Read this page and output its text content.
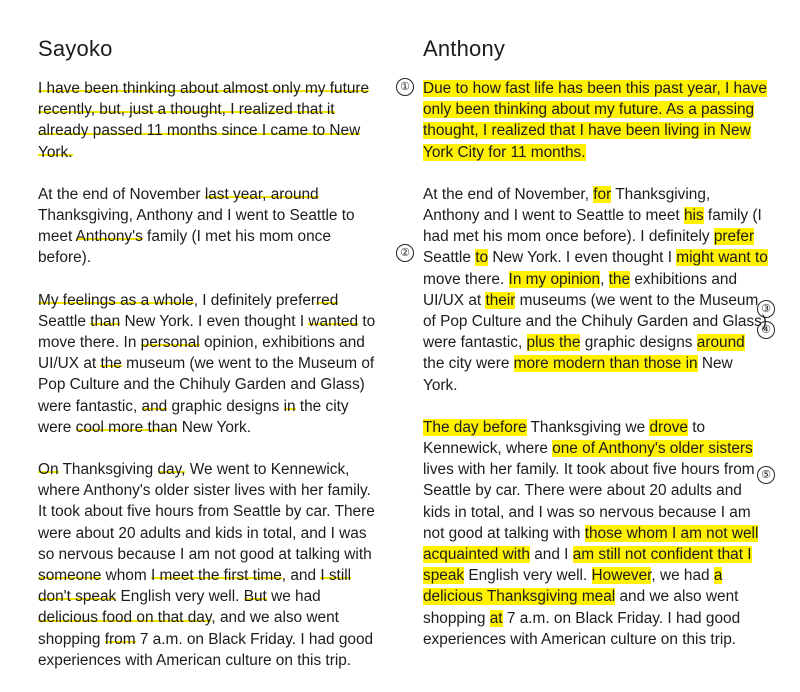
Sayoko
I have been thinking about almost only my future recently, but, just a thought, I realized that it already passed 11 months since I came to New York.
At the end of November last year, around Thanksgiving, Anthony and I went to Seattle to meet Anthony's family (I met his mom once before).
My feelings as a whole, I definitely preferred Seattle than New York. I even thought I wanted to move there. In personal opinion, exhibitions and UI/UX at the museum (we went to the Museum of Pop Culture and the Chihuly Garden and Glass) were fantastic, and graphic designs in the city were cool more than New York.
On Thanksgiving day, We went to Kennewick, where Anthony's older sister lives with her family. It took about five hours from Seattle by car. There were about 20 adults and kids in total, and I was so nervous because I am not good at talking with someone whom I meet the first time, and I still don't speak English very well. But we had delicious food on that day, and we also went shopping from 7 a.m. on Black Friday. I had good experiences with American culture on this trip.
Anthony
Due to how fast life has been this past year, I have only been thinking about my future. As a passing thought, I realized that I have been living in New York City for 11 months.
At the end of November, for Thanksgiving, Anthony and I went to Seattle to meet his family (I had met his mom once before). I definitely prefer Seattle to New York. I even thought I might want to move there. In my opinion, the exhibitions and UI/UX at their museums (we went to the Museum of Pop Culture and the Chihuly Garden and Glass) were fantastic, plus the graphic designs around the city were more modern than those in New York.
The day before Thanksgiving we drove to Kennewick, where one of Anthony's older sisters lives with her family. It took about five hours from Seattle by car. There were about 20 adults and kids in total, and I was so nervous because I am not good at talking with those whom I am not well acquainted with and I am still not confident that I speak English very well. However, we had a delicious Thanksgiving meal and we also went shopping at 7 a.m. on Black Friday. I had good experiences with American culture on this trip.
①
②
③
④
⑤
